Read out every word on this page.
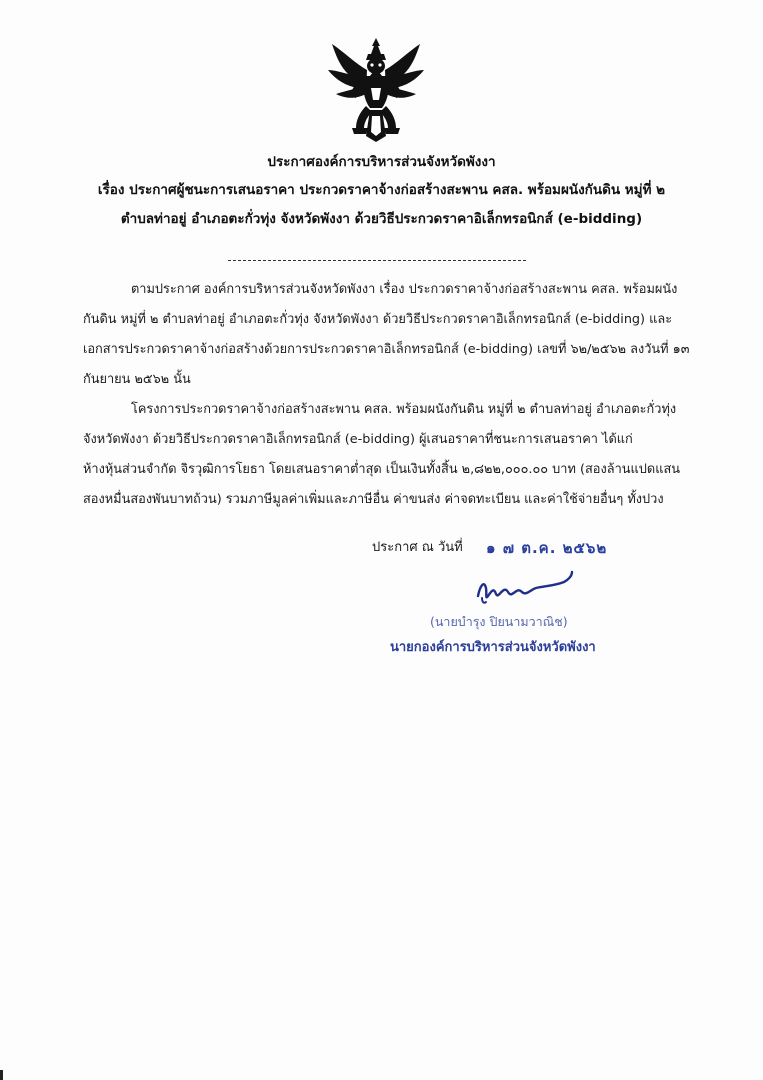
ประกาศองค์การบริหารส่วนจังหวัดพังงา
เรื่อง ประกาศผู้ชนะการเสนอราคา ประกวดราคาจ้างก่อสร้างสะพาน คสล. พร้อมผนังกันดิน หมู่ที่ ๒
ตำบลท่าอยู่ อำเภอตะกั่วทุ่ง จังหวัดพังงา ด้วยวิธีประกวดราคาอิเล็กทรอนิกส์ (e-bidding)
ตามประกาศ องค์การบริหารส่วนจังหวัดพังงา เรื่อง ประกวดราคาจ้างก่อสร้างสะพาน คสล. พร้อมผนัง
กันดิน หมู่ที่ ๒ ตำบลท่าอยู่ อำเภอตะกั่วทุ่ง จังหวัดพังงา ด้วยวิธีประกวดราคาอิเล็กทรอนิกส์ (e-bidding) และ
เอกสารประกวดราคาจ้างก่อสร้างด้วยการประกวดราคาอิเล็กทรอนิกส์ (e-bidding) เลขที่ ๖๒/๒๕๖๒ ลงวันที่ ๑๓
กันยายน ๒๕๖๒ นั้น
โครงการประกวดราคาจ้างก่อสร้างสะพาน คสล. พร้อมผนังกันดิน หมู่ที่ ๒ ตำบลท่าอยู่ อำเภอตะกั่วทุ่ง
จังหวัดพังงา ด้วยวิธีประกวดราคาอิเล็กทรอนิกส์ (e-bidding) ผู้เสนอราคาที่ชนะการเสนอราคา ได้แก่
ห้างหุ้นส่วนจำกัด จิรวุฒิการโยธา โดยเสนอราคาต่ำสุด เป็นเงินทั้งสิ้น ๒,๘๒๒,๐๐๐.๐๐ บาท (สองล้านแปดแสน
สองหมื่นสองพันบาทถ้วน) รวมภาษีมูลค่าเพิ่มและภาษีอื่น ค่าขนส่ง ค่าจดทะเบียน และค่าใช้จ่ายอื่นๆ ทั้งปวง
ประกาศ ณ วันที่ ๑ ๗ ต.ค. ๒๕๖๒
(นายบำรุง ปิยนามวาณิช)
นายกองค์การบริหารส่วนจังหวัดพังงา
